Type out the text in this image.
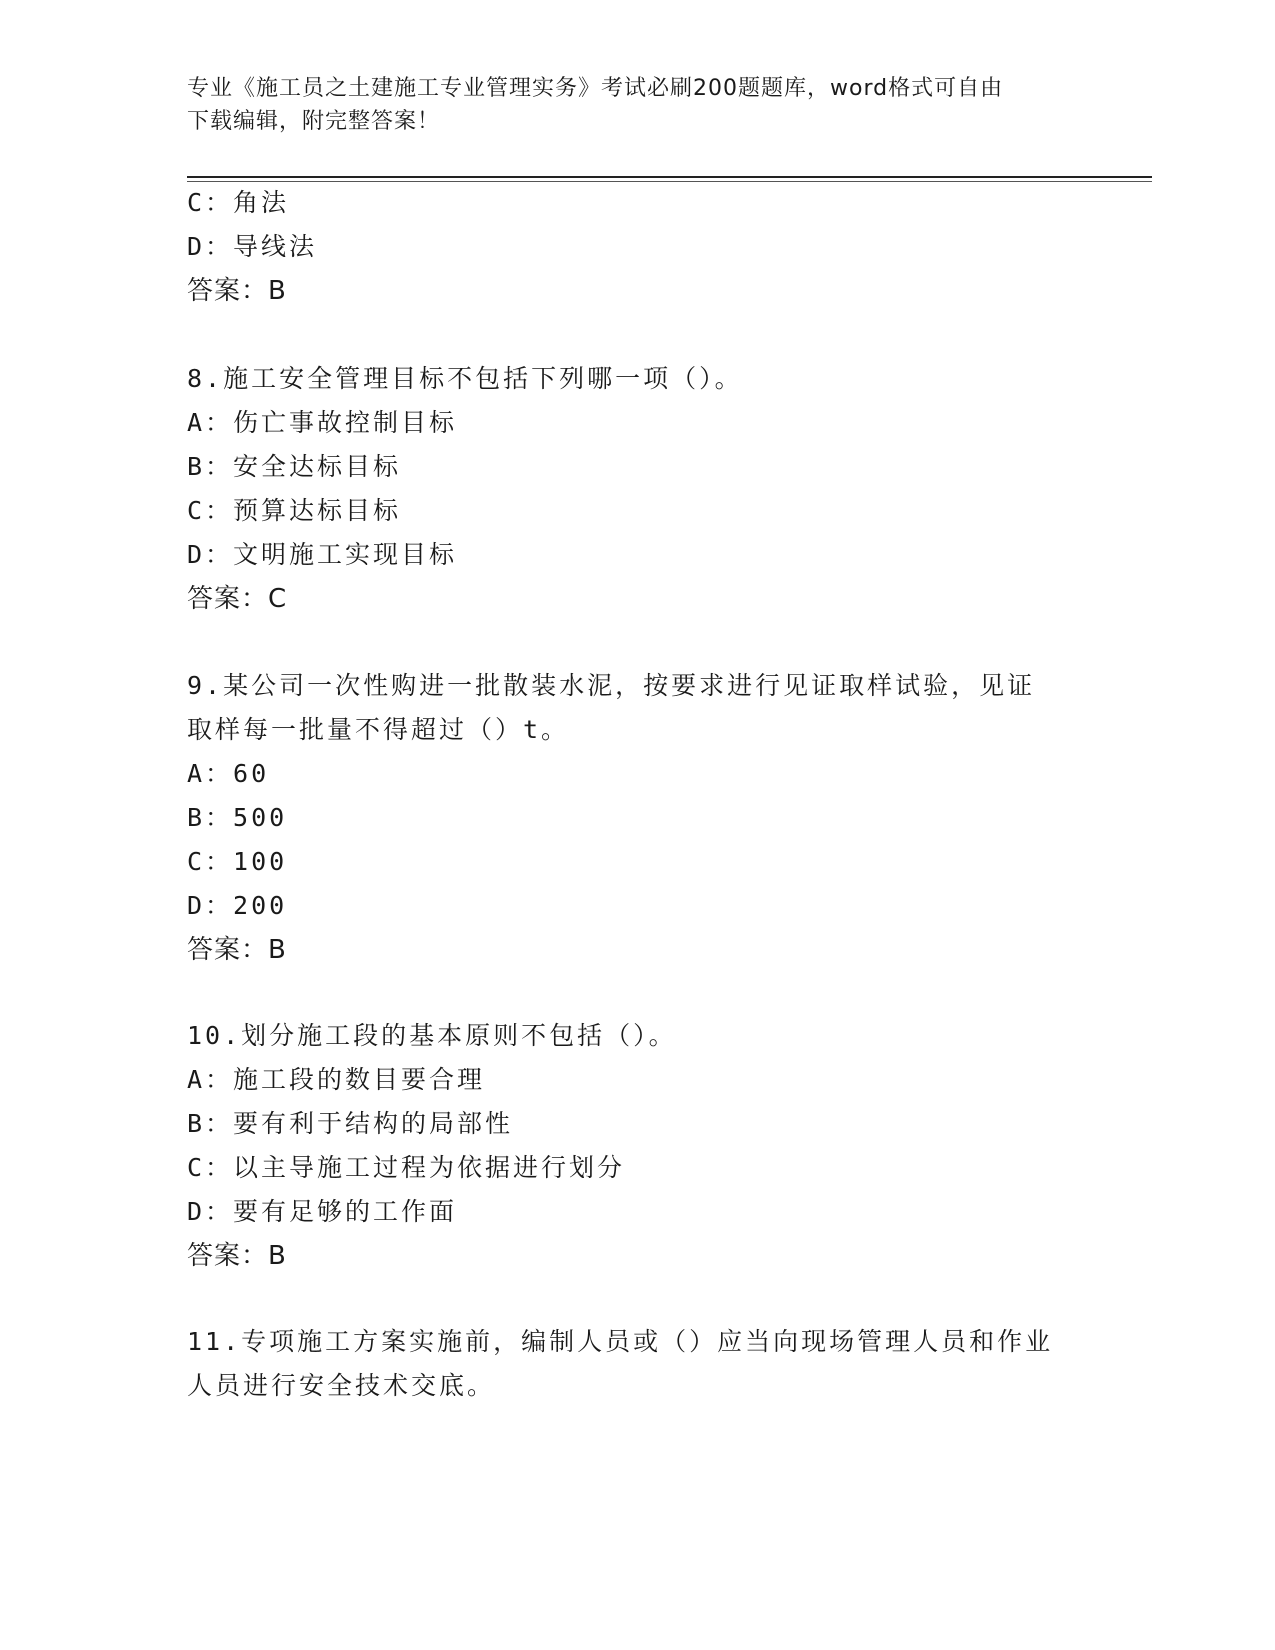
专业《施工员之土建施工专业管理实务》考试必刷200题题库，word格式可自由
下载编辑，附完整答案！
C：角法
D：导线法
答案：B
8.施工安全管理目标不包括下列哪一项（）。
A：伤亡事故控制目标
B：安全达标目标
C：预算达标目标
D：文明施工实现目标
答案：C
9.某公司一次性购进一批散装水泥，按要求进行见证取样试验，见证
取样每一批量不得超过（）t。
A：60
B：500
C：100
D：200
答案：B
10.划分施工段的基本原则不包括（）。
A：施工段的数目要合理
B：要有利于结构的局部性
C：以主导施工过程为依据进行划分
D：要有足够的工作面
答案：B
11.专项施工方案实施前，编制人员或（）应当向现场管理人员和作业
人员进行安全技术交底。
